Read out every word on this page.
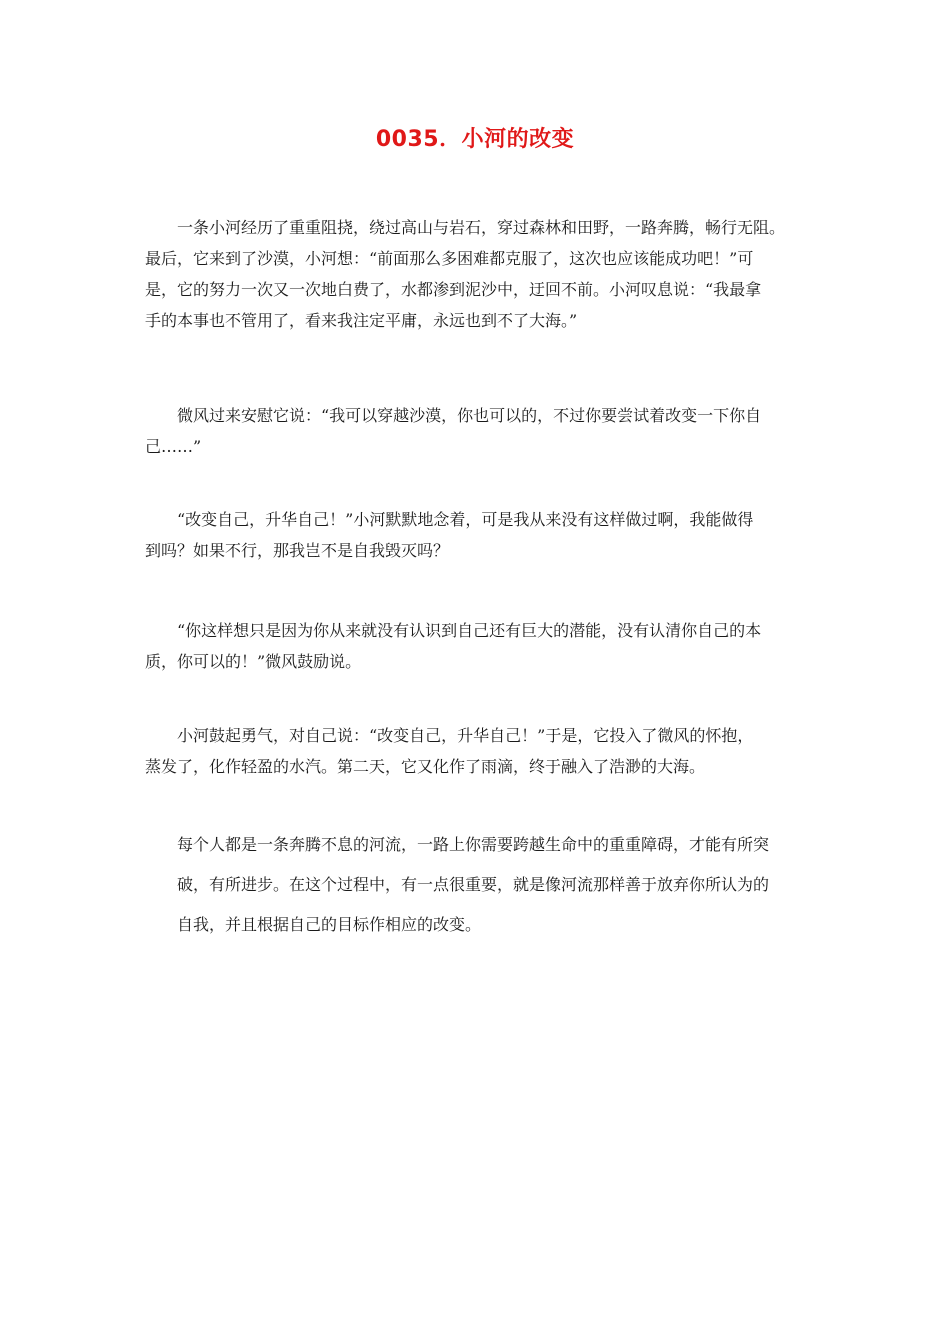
0035．小河的改变

一条小河经历了重重阻挠，绕过高山与岩石，穿过森林和田野，一路奔腾，畅行无阻。
最后，它来到了沙漠，小河想：“前面那么多困难都克服了，这次也应该能成功吧！”可
是，它的努力一次又一次地白费了，水都渗到泥沙中，迂回不前。小河叹息说：“我最拿
手的本事也不管用了，看来我注定平庸，永远也到不了大海。”

微风过来安慰它说：“我可以穿越沙漠，你也可以的，不过你要尝试着改变一下你自
己……”

“改变自己，升华自己！”小河默默地念着，可是我从来没有这样做过啊，我能做得
到吗？如果不行，那我岂不是自我毁灭吗？

“你这样想只是因为你从来就没有认识到自己还有巨大的潜能，没有认清你自己的本
质，你可以的！”微风鼓励说。

小河鼓起勇气，对自己说：“改变自己，升华自己！”于是，它投入了微风的怀抱，
蒸发了，化作轻盈的水汽。第二天，它又化作了雨滴，终于融入了浩渺的大海。

每个人都是一条奔腾不息的河流，一路上你需要跨越生命中的重重障碍，才能有所突
破，有所进步。在这个过程中，有一点很重要，就是像河流那样善于放弃你所认为的
自我，并且根据自己的目标作相应的改变。
